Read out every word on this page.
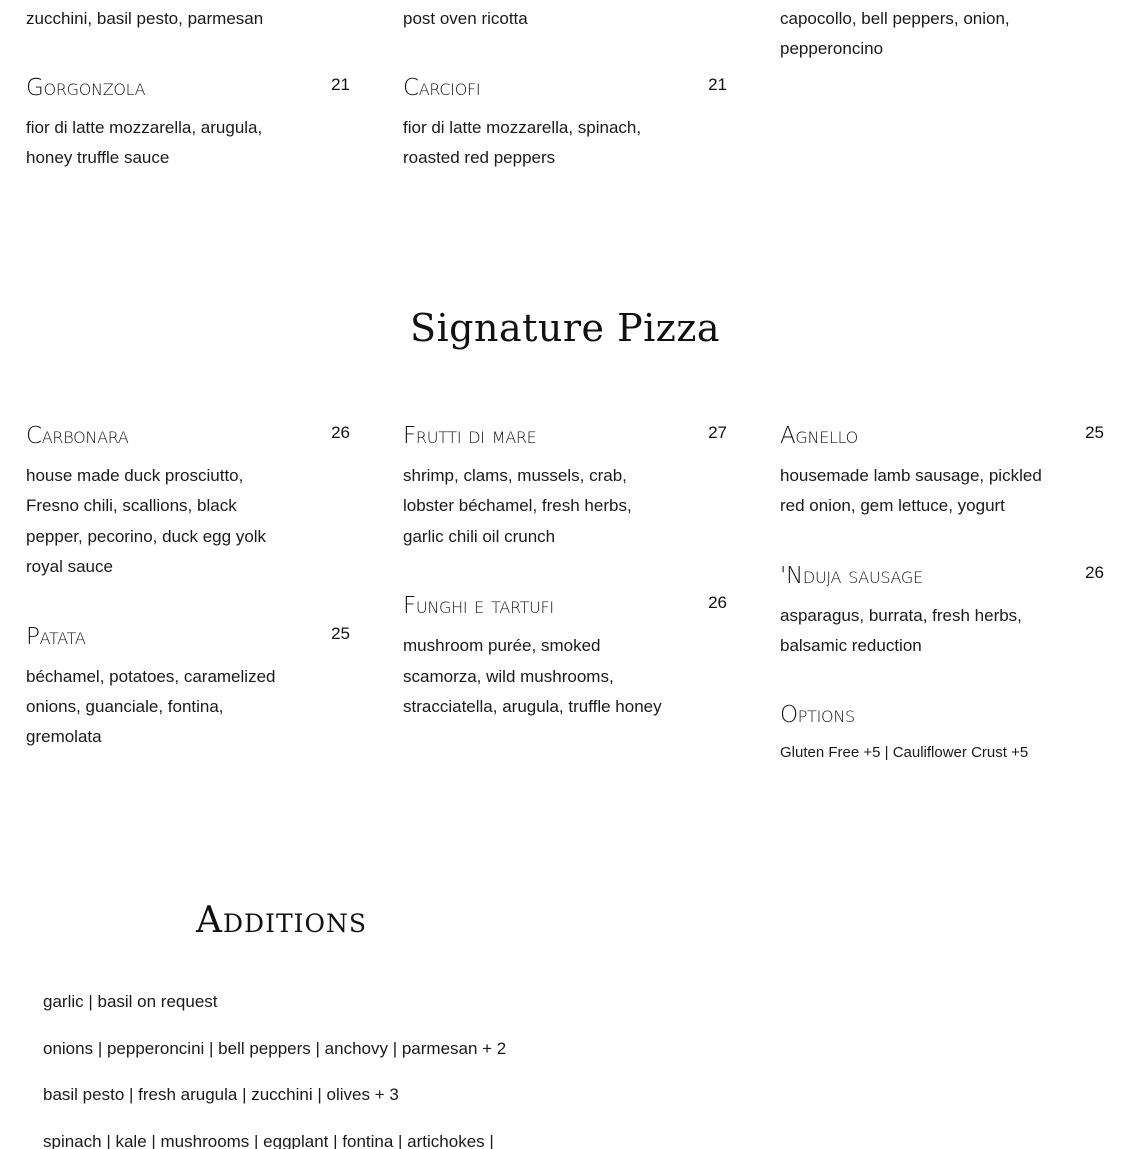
zucchini, basil pesto, parmesan
Gorgonzola	21
fior di latte mozzarella, arugula, honey truffle sauce
post oven ricotta
Carciofi	21
fior di latte mozzarella, spinach, roasted red peppers
capocollo, bell peppers, onion, pepperoncino
Signature Pizza
Carbonara	26
house made duck prosciutto, Fresno chili, scallions, black pepper, pecorino, duck egg yolk royal sauce
Patata	25
béchamel, potatoes, caramelized onions, guanciale, fontina, gremolata
Frutti di mare	27
shrimp, clams, mussels, crab, lobster béchamel, fresh herbs, garlic chili oil crunch
Funghi e tartufi	26
mushroom purée, smoked scamorza, wild mushrooms, stracciatella, arugula, truffle honey
Agnello	25
housemade lamb sausage, pickled red onion, gem lettuce, yogurt
'Nduja sausage	26
asparagus, burrata, fresh herbs, balsamic reduction
Options
Gluten Free +5 | Cauliflower Crust +5
Additions
garlic | basil on request
onions | pepperoncini | bell peppers | anchovy | parmesan + 2
basil pesto | fresh arugula | zucchini | olives + 3
spinach | kale | mushrooms | eggplant | fontina | artichokes |
